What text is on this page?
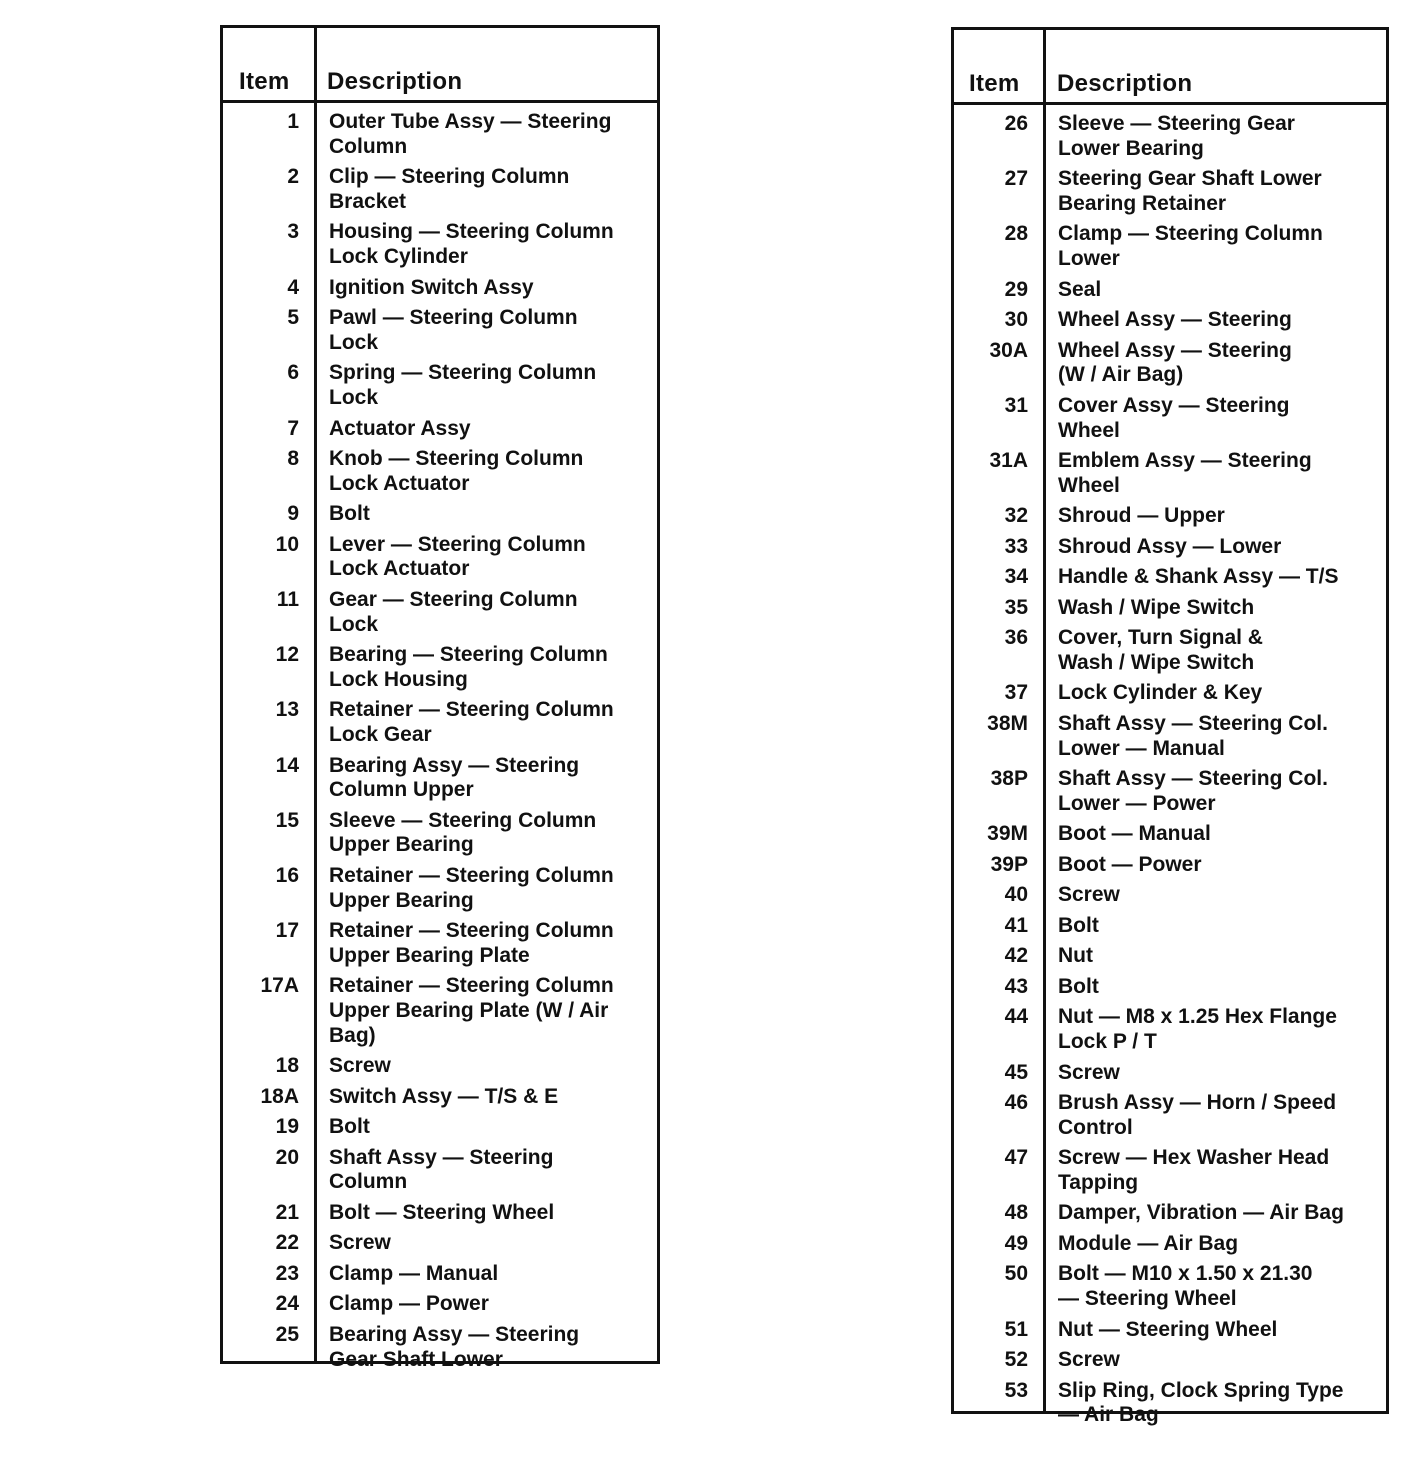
Item Description
1	Outer Tube Assy — Steering
Column
2	Clip — Steering Column
Bracket
3	Housing — Steering Column
Lock Cylinder
4	Ignition Switch Assy
5	Pawl — Steering Column
Lock
6	Spring — Steering Column
Lock
7	Actuator Assy
8	Knob — Steering Column
Lock Actuator
9	Bolt
10	Lever — Steering Column
Lock Actuator
11	Gear — Steering Column
Lock
12	Bearing — Steering Column
Lock Housing
13	Retainer — Steering Column
Lock Gear
14	Bearing Assy — Steering
Column Upper
15	Sleeve — Steering Column
Upper Bearing
16	Retainer — Steering Column
Upper Bearing
17	Retainer — Steering Column
Upper Bearing Plate
17A	Retainer — Steering Column
Upper Bearing Plate (W / Air
Bag)
18	Screw
18A	Switch Assy — T/S & E
19	Bolt
20	Shaft Assy — Steering
Column
21	Bolt — Steering Wheel
22	Screw
23	Clamp — Manual
24	Clamp — Power
25	Bearing Assy — Steering
Gear Shaft Lower
Item Description
26	Sleeve — Steering Gear
Lower Bearing
27	Steering Gear Shaft Lower
Bearing Retainer
28	Clamp — Steering Column
Lower
29	Seal
30	Wheel Assy — Steering
30A	Wheel Assy — Steering
(W / Air Bag)
31	Cover Assy — Steering
Wheel
31A	Emblem Assy — Steering
Wheel
32	Shroud — Upper
33	Shroud Assy — Lower
34	Handle & Shank Assy — T/S
35	Wash / Wipe Switch
36	Cover, Turn Signal &
Wash / Wipe Switch
37	Lock Cylinder & Key
38M	Shaft Assy — Steering Col.
Lower — Manual
38P	Shaft Assy — Steering Col.
Lower — Power
39M	Boot — Manual
39P	Boot — Power
40	Screw
41	Bolt
42	Nut
43	Bolt
44	Nut — M8 x 1.25 Hex Flange
Lock P / T
45	Screw
46	Brush Assy — Horn / Speed
Control
47	Screw — Hex Washer Head
Tapping
48	Damper, Vibration — Air Bag
49	Module — Air Bag
50	Bolt — M10 x 1.50 x 21.30
— Steering Wheel
51	Nut — Steering Wheel
52	Screw
53	Slip Ring, Clock Spring Type
— Air Bag
